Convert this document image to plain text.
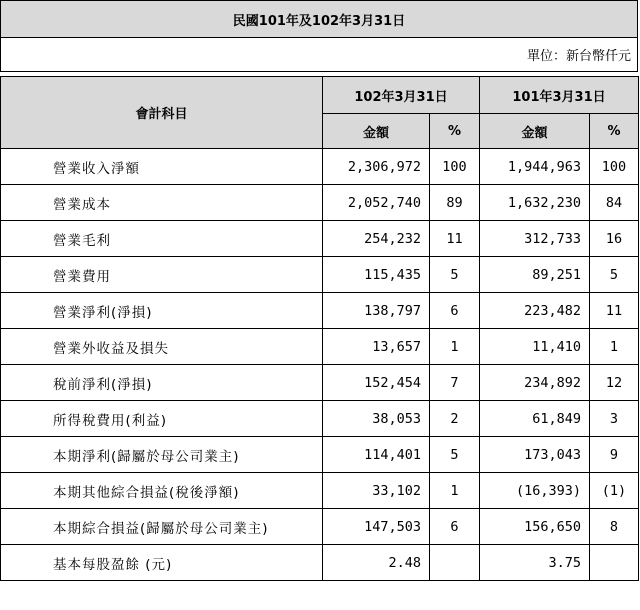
民國101年及102年3月31日
單位：新台幣仟元
會計科目	102年3月31日		101年3月31日	
	金額	%	金額	%
營業收入淨額	2,306,972	100	1,944,963	100
營業成本	2,052,740	89	1,632,230	84
營業毛利	254,232	11	312,733	16
營業費用	115,435	5	89,251	5
營業淨利(淨損)	138,797	6	223,482	11
營業外收益及損失	13,657	1	11,410	1
稅前淨利(淨損)	152,454	7	234,892	12
所得稅費用(利益)	38,053	2	61,849	3
本期淨利(歸屬於母公司業主)	114,401	5	173,043	9
本期其他綜合損益(稅後淨額)	33,102	1	(16,393)	(1)
本期綜合損益(歸屬於母公司業主)	147,503	6	156,650	8
基本每股盈餘 (元)	2.48		3.75	
